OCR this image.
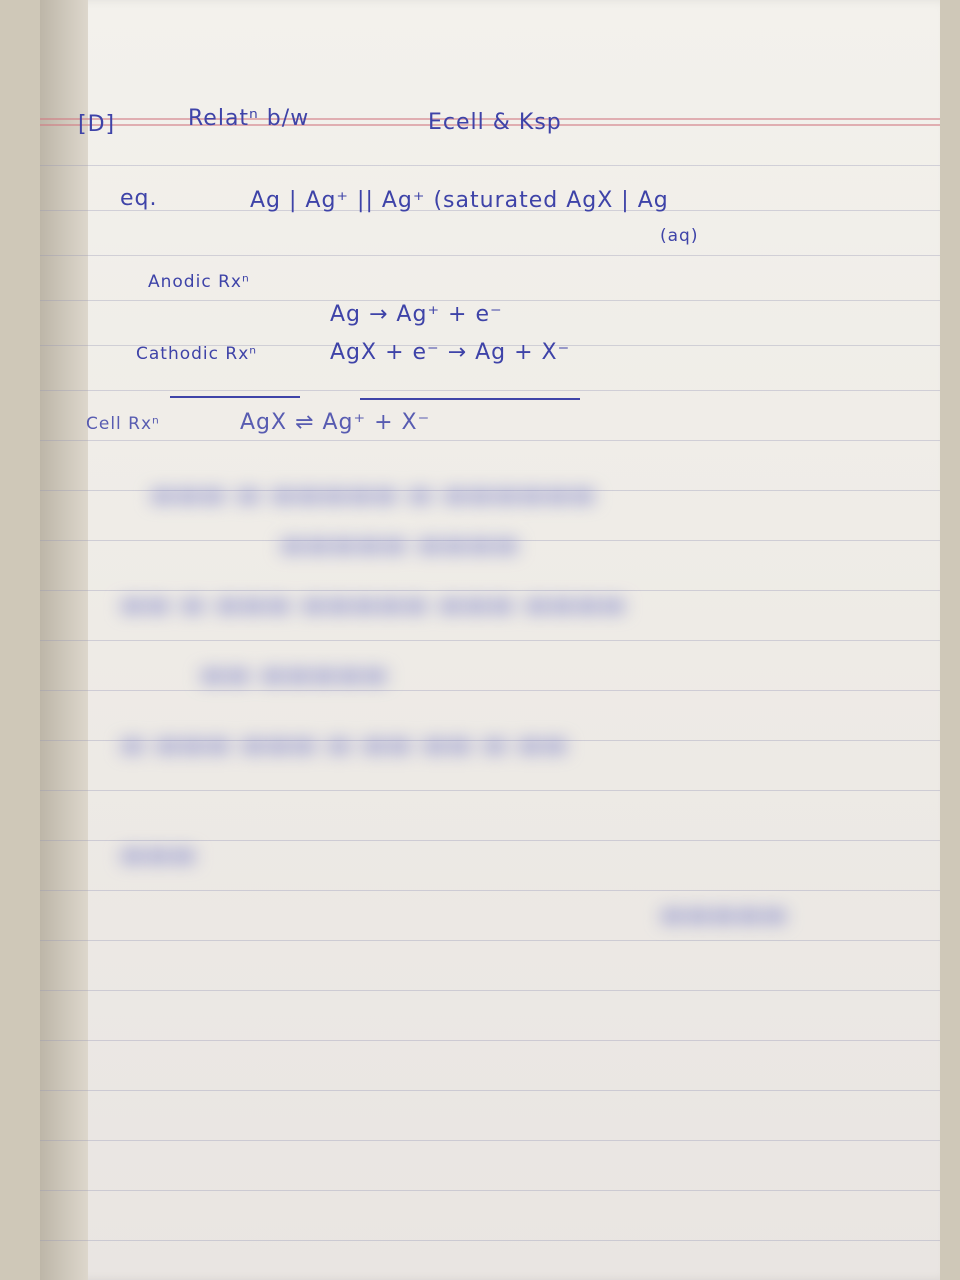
[D]	Relatⁿ b/w	Ecell & Ksp
eq.	Ag | Ag⁺ || Ag⁺ (saturated AgX | Ag
(aq)
Anodic Rxⁿ
Ag → Ag⁺ + e⁻
Cathodic Rxⁿ	AgX + e⁻ → Ag + X⁻
Cell Rxⁿ	AgX ⇌ Ag⁺ + X⁻
▬▬▬ ▬ ▬▬▬▬▬ ▬ ▬▬▬▬▬▬
▬▬▬▬▬ ▬▬▬▬
▬▬ ▬ ▬▬▬ ▬▬▬▬▬ ▬▬▬ ▬▬▬▬
▬▬ ▬▬▬▬▬
▬ ▬▬▬ ▬▬▬ ▬ ▬▬ ▬▬ ▬ ▬▬
▬▬▬
▬▬▬▬▬
